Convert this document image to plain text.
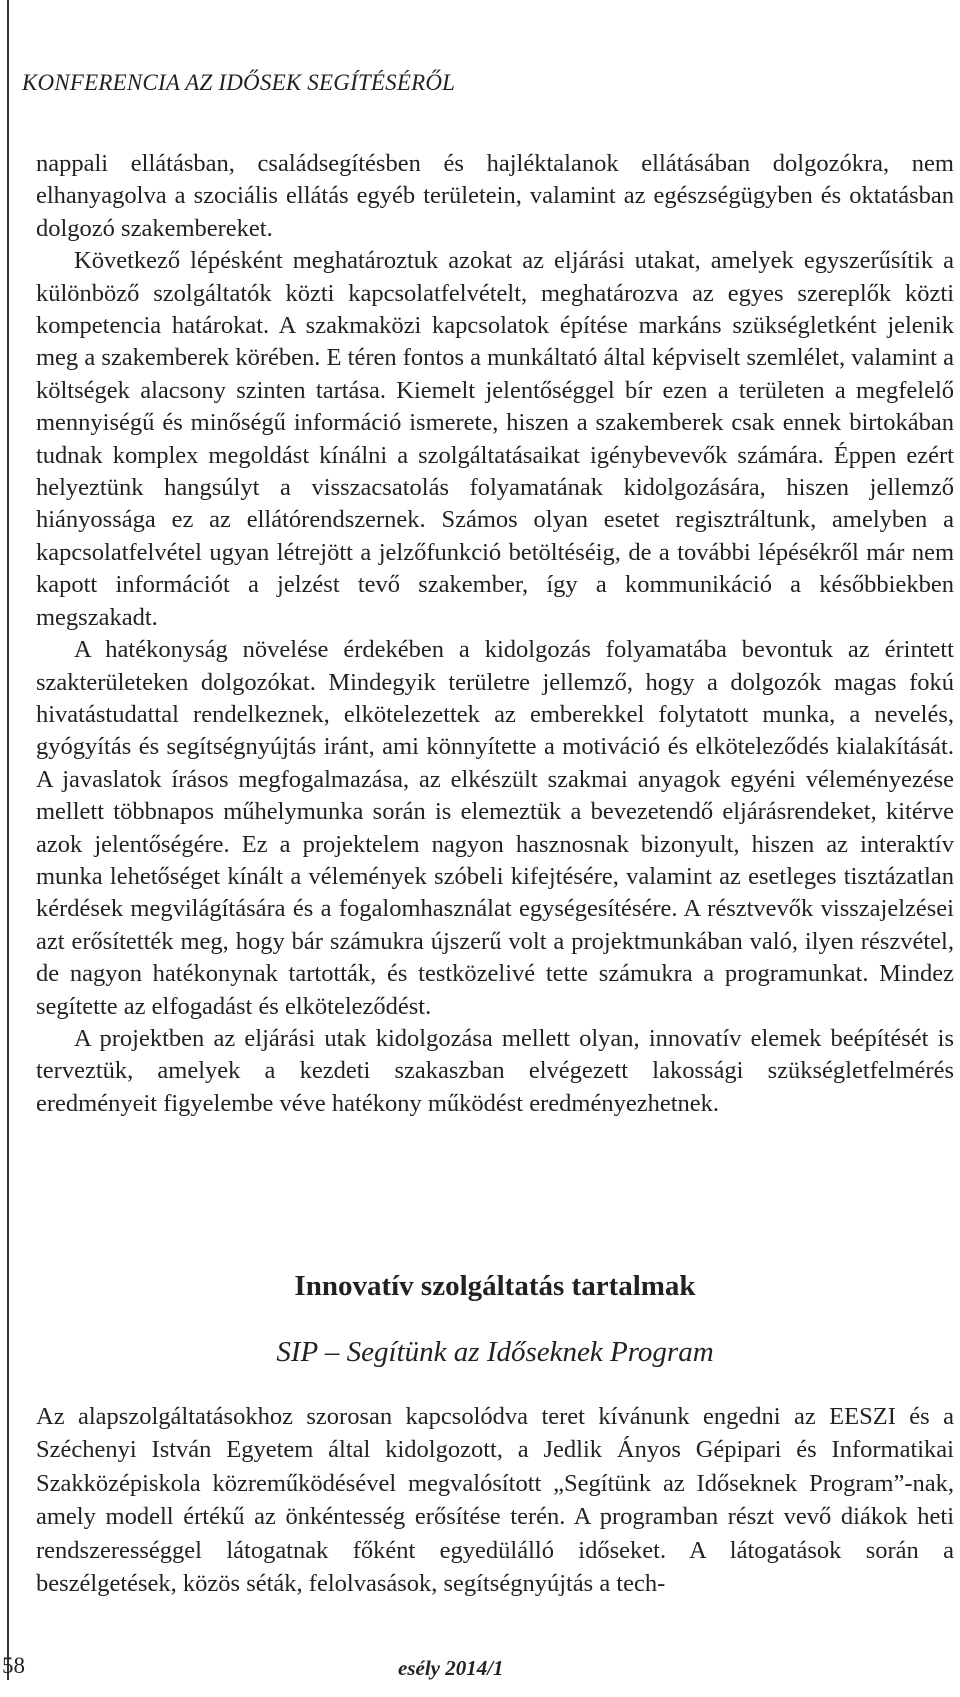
KONFERENCIA AZ IDŐSEK SEGÍTÉSÉRŐL

nappali ellátásban, családsegítésben és hajléktalanok ellátásában dolgozókra, nem elhanyagolva a szociális ellátás egyéb területein, valamint az egészségügyben és oktatásban dolgozó szakembereket.

Következő lépésként meghatároztuk azokat az eljárási utakat, amelyek egyszerűsítik a különböző szolgáltatók közti kapcsolatfelvételt, meghatározva az egyes szereplők közti kompetencia határokat. A szakmaközi kapcsolatok építése markáns szükségletként jelenik meg a szakemberek körében. E téren fontos a munkáltató által képviselt szemlélet, valamint a költségek alacsony szinten tartása. Kiemelt jelentőséggel bír ezen a területen a megfelelő mennyiségű és minőségű információ ismerete, hiszen a szakemberek csak ennek birtokában tudnak komplex megoldást kínálni a szolgáltatásaikat igénybevevők számára. Éppen ezért helyeztünk hangsúlyt a visszacsatolás folyamatának kidolgozására, hiszen jellemző hiányossága ez az ellátórendszernek. Számos olyan esetet regisztráltunk, amelyben a kapcsolatfelvétel ugyan létrejött a jelzőfunkció betöltéséig, de a további lépésékről már nem kapott információt a jelzést tevő szakember, így a kommunikáció a későbbiekben megszakadt.

A hatékonyság növelése érdekében a kidolgozás folyamatába bevontuk az érintett szakterületeken dolgozókat. Mindegyik területre jellemző, hogy a dolgozók magas fokú hivatástudattal rendelkeznek, elkötelezettek az emberekkel folytatott munka, a nevelés, gyógyítás és segítségnyújtás iránt, ami könnyítette a motiváció és elköteleződés kialakítását. A javaslatok írásos megfogalmazása, az elkészült szakmai anyagok egyéni véleményezése mellett többnapos műhelymunka során is elemeztük a bevezetendő eljárásrendeket, kitérve azok jelentőségére. Ez a projektelem nagyon hasznosnak bizonyult, hiszen az interaktív munka lehetőséget kínált a vélemények szóbeli kifejtésére, valamint az esetleges tisztázatlan kérdések megvilágítására és a fogalomhasználat egységesítésére. A résztvevők visszajelzései azt erősítették meg, hogy bár számukra újszerű volt a projektmunkában való, ilyen részvétel, de nagyon hatékonynak tartották, és testközelivé tette számukra a programunkat. Mindez segítette az elfogadást és elköteleződést.

A projektben az eljárási utak kidolgozása mellett olyan, innovatív elemek beépítését is terveztük, amelyek a kezdeti szakaszban elvégezett lakossági szükségletfelmérés eredményeit figyelembe véve hatékony működést eredményezhetnek.

Innovatív szolgáltatás tartalmak
SIP – Segítünk az Időseknek Program

Az alapszolgáltatásokhoz szorosan kapcsolódva teret kívánunk engedni az EESZI és a Széchenyi István Egyetem által kidolgozott, a Jedlik Ányos Gépipari és Informatikai Szakközépiskola közreműködésével megvalósított „Segítünk az Időseknek Program”-nak, amely modell értékű az önkéntesség erősítése terén. A programban részt vevő diákok heti rendszerességgel látogatnak főként egyedülálló időseket. A látogatások során a beszélgetések, közös séták, felolvasások, segítségnyújtás a tech-

58	esély 2014/1
